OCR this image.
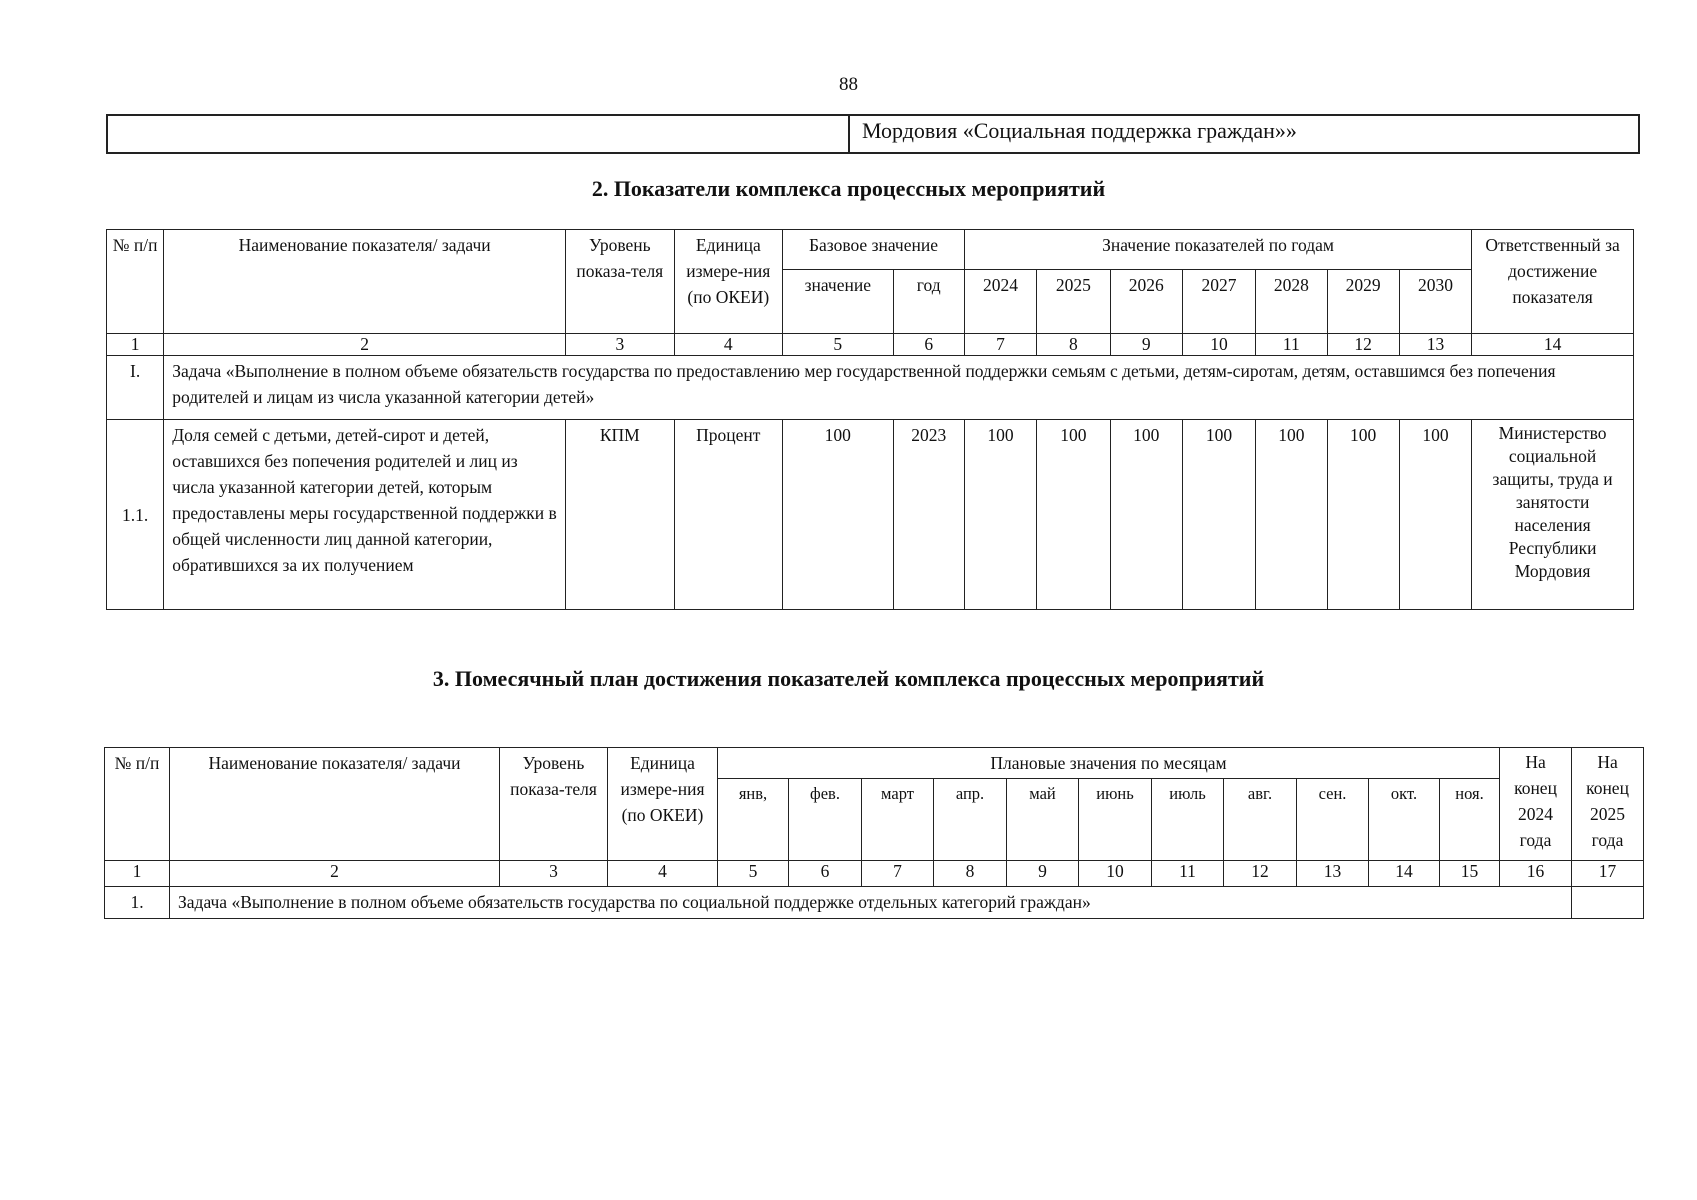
88
Мордовия «Социальная поддержка граждан»»
2. Показатели комплекса процессных мероприятий
№ п/п	Наименование показателя/ задачи	Уровень показа-теля	Единица измере-ния (по ОКЕИ)	Базовое значение		Значение показателей по годам							Ответственный за достижение показателя
				значение	год	2024	2025	2026	2027	2028	2029	2030	
1	2	3	4	5	6	7	8	9	10	11	12	13	14
I.	Задача «Выполнение в полном объеме обязательств государства по предоставлению мер государственной поддержки семьям с детьми, детям-сиротам, детям, оставшимся без попечения родителей и лицам из числа указанной категории детей»												
1.1.	Доля семей с детьми, детей-сирот и детей, оставшихся без попечения родителей и лиц из числа указанной категории детей, которым предоставлены меры государственной поддержки в общей численности лиц данной категории, обратившихся за их получением	КПМ	Процент	100	2023	100	100	100	100	100	100	100	Министерство социальной защиты, труда и занятости населения Республики Мордовия
3. Помесячный план достижения показателей комплекса процессных мероприятий
№ п/п	Наименование показателя/ задачи	Уровень показа-теля	Единица измере-ния (по ОКЕИ)	Плановые значения по месяцам											На конец 2024 года	На конец 2025 года
				янв,	фев.	март	апр.	май	июнь	июль	авг.	сен.	окт.	ноя.		
1	2	3	4	5	6	7	8	9	10	11	12	13	14	15	16	17
1.	Задача «Выполнение в полном объеме обязательств государства по социальной поддержке отдельных категорий граждан»															
